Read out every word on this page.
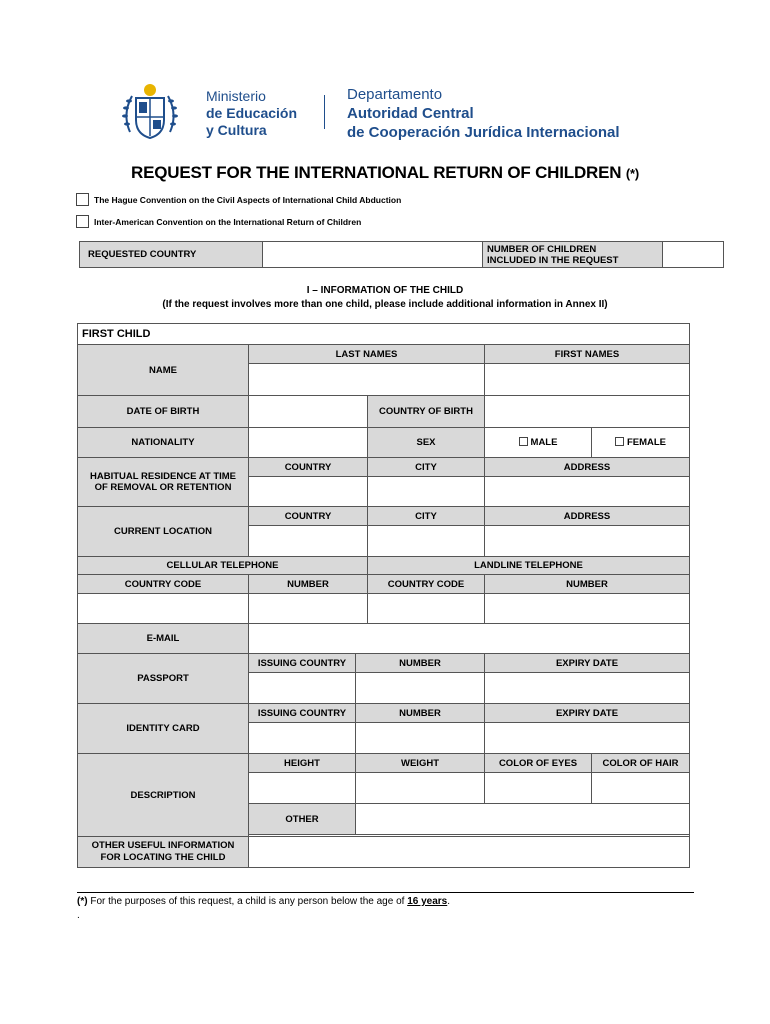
Ministerio
de Educación
y Cultura
Departamento
Autoridad Central
de Cooperación Jurídica Internacional
REQUEST FOR THE INTERNATIONAL RETURN OF CHILDREN (*)
The Hague Convention on the Civil Aspects of International Child Abduction
Inter-American Convention on the International Return of Children
REQUESTED COUNTRY		NUMBER OF CHILDREN
INCLUDED IN THE REQUEST

I – INFORMATION OF THE CHILD
(If the request involves more than one child, please include additional information in Annex II)
FIRST CHILD					
NAME	LAST NAMES			FIRST NAMES	

DATE OF BIRTH			COUNTRY OF BIRTH		
NATIONALITY			SEX	MALE	FEMALE

HABITUAL RESIDENCE AT TIME
OF REMOVAL OR RETENTION	COUNTRY		CITY	ADDRESS	

CURRENT LOCATION	COUNTRY		CITY	ADDRESS	

CELLULAR TELEPHONE			LANDLINE TELEPHONE		
COUNTRY CODE	NUMBER		COUNTRY CODE	NUMBER	

E-MAIL					
PASSPORT	ISSUING COUNTRY	NUMBER		EXPIRY DATE	

IDENTITY CARD	ISSUING COUNTRY	NUMBER		EXPIRY DATE	

DESCRIPTION	HEIGHT	WEIGHT		COLOR OF EYES	COLOR OF HAIR

	OTHER				

OTHER USEFUL INFORMATION
FOR LOCATING THE CHILD					

(*) For the purposes of this request, a child is any person below the age of 16 years.
.
